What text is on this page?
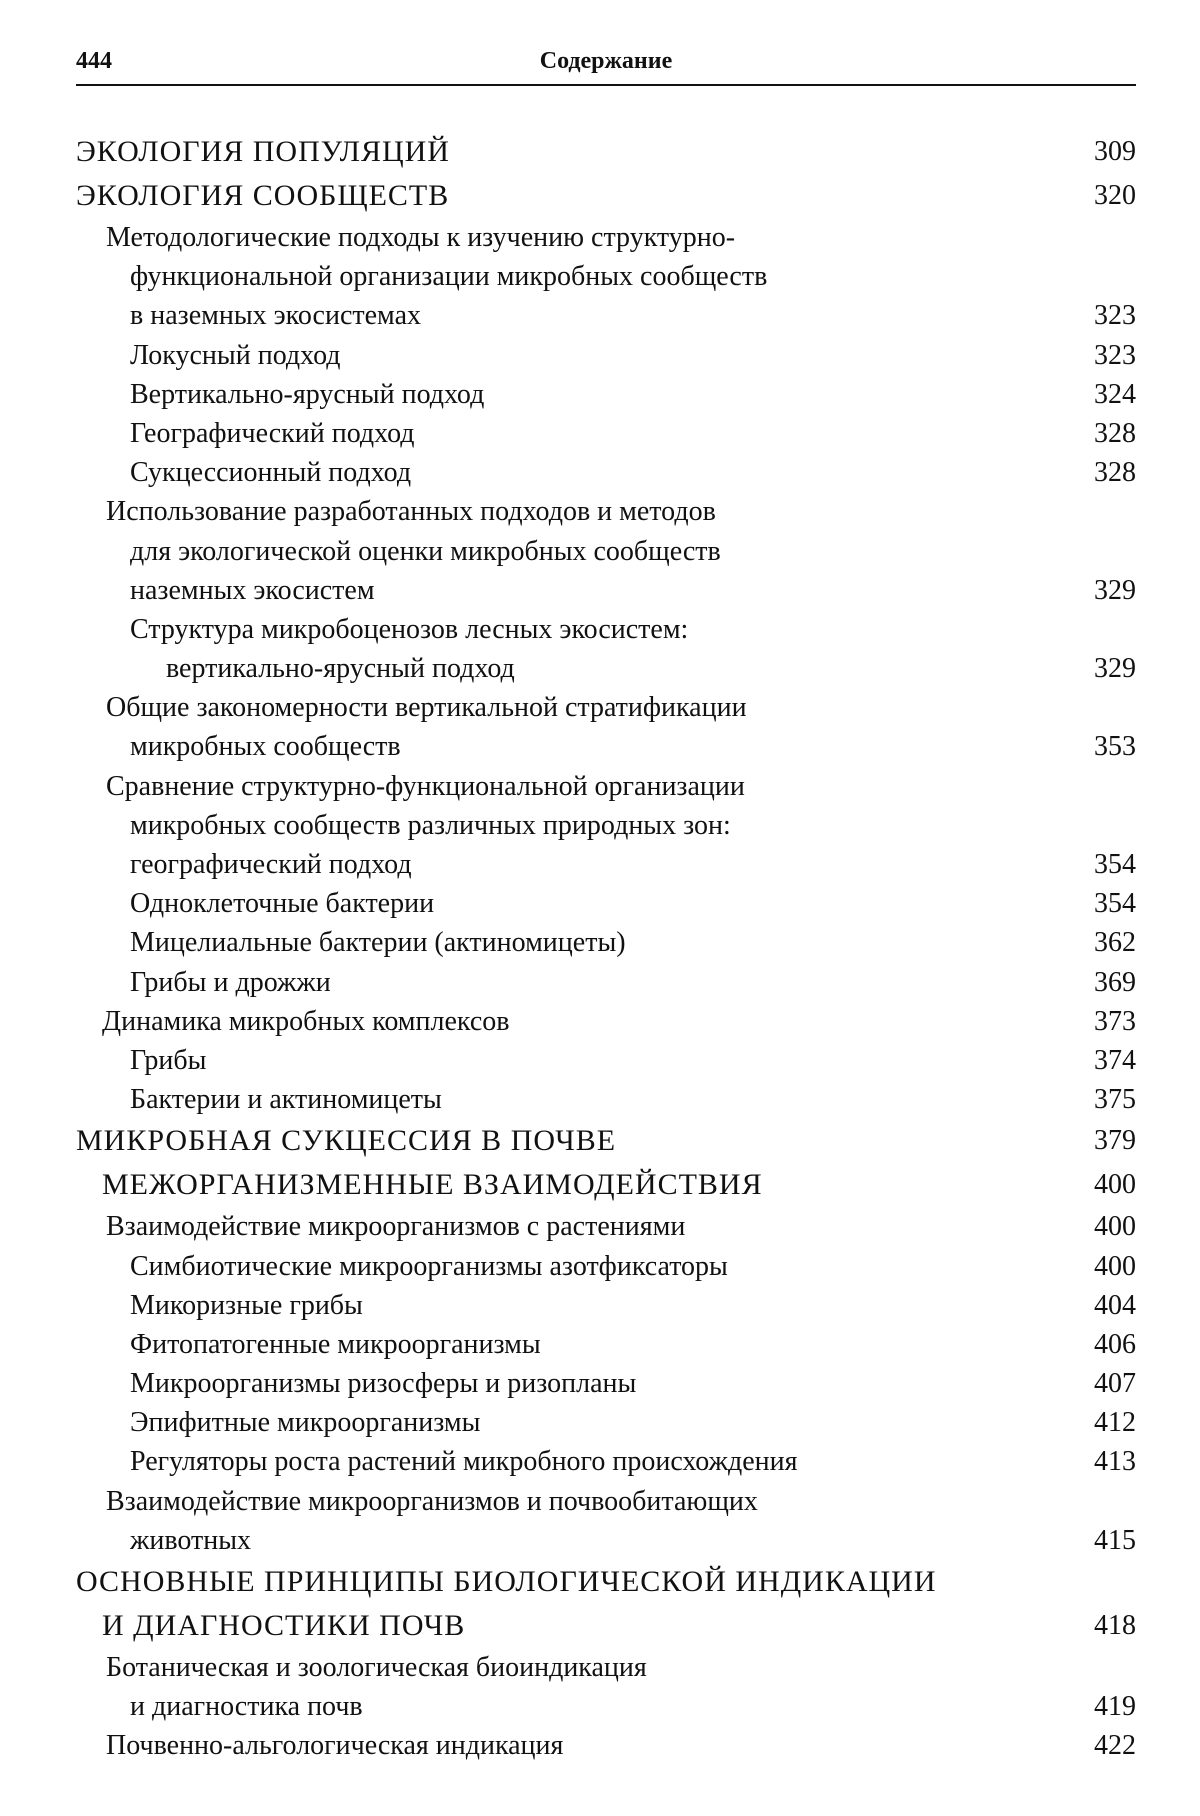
444	Содержание
....................................................................................................
ЭКОЛОГИЯ ПОПУЛЯЦИЙ	309
....................................................................................................
ЭКОЛОГИЯ СООБЩЕСТВ	320
Методологические подходы к изучению структурно-
функциональной организации микробных сообществ
..............................................................
в наземных экосистемах	323
.......................................................................................
Локусный подход	323
..............................................................
Вертикально-ярусный подход	324
..............................................................
Географический подход	328
..............................................................
Сукцессионный подход	328
Использование разработанных подходов и методов
для экологической оценки микробных сообществ
.......................................................................................
наземных экосистем	329
Структура микробоценозов лесных экосистем:
.........................................................
вертикально-ярусный подход	329
Общие закономерности вертикальной стратификации
..............................................................
микробных сообществ	353
Сравнение структурно-функциональной организации
микробных сообществ различных природных зон:
..............................................................
географический подход	354
..............................................................
Одноклеточные бактерии	354
Мицелиальные бактерии (актиномицеты)	362
.......................................................................................
Грибы и дрожжи	369
...................................................
Динамика микробных комплексов	373
.......................................................................................
Грибы	374
..............................................................
Бактерии и актиномицеты	375
МИКРОБНАЯ СУКЦЕССИЯ В ПОЧВЕ	379
МЕЖОРГАНИЗМЕННЫЕ ВЗАИМОДЕЙСТВИЯ	400
Взаимодействие микроорганизмов с растениями	400
Симбиотические микроорганизмы азотфиксаторы	400
.......................................................................................
Микоризные грибы	404
..................................................
Фитопатогенные микроорганизмы	406
Микроорганизмы ризосферы и ризопланы	407
..............................................................
Эпифитные микроорганизмы	412
Регуляторы роста растений микробного происхождения	413
Взаимодействие микроорганизмов и почвообитающих
.......................................................................................
животных	415
ОСНОВНЫЕ ПРИНЦИПЫ БИОЛОГИЧЕСКОЙ ИНДИКАЦИИ
...............................................................
И ДИАГНОСТИКИ ПОЧВ	418
Ботаническая и зоологическая биоиндикация
.......................................................................................
и диагностика почв	419
...................................................
Почвенно-альгологическая индикация	422
